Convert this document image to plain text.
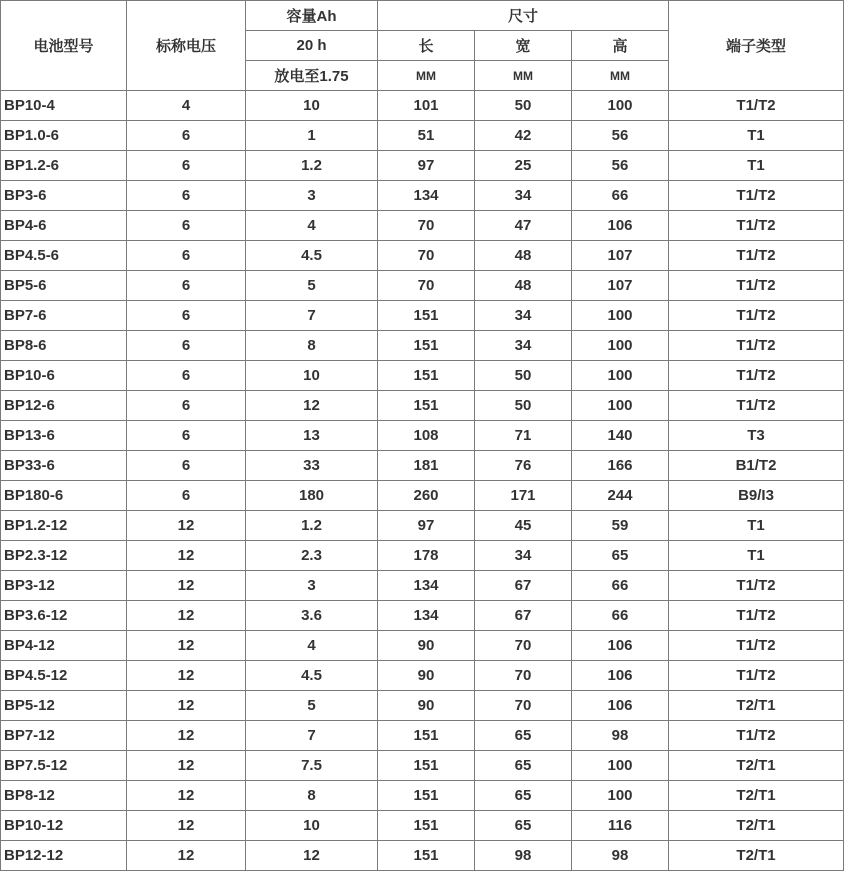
电池型号	标称电压	容量Ah	尺寸			端子类型
		20 h	长	宽	高	
		放电至1.75	MM	MM	MM	
BP10-4	4	10	101	50	100	T1/T2
BP1.0-6	6	1	51	42	56	T1
BP1.2-6	6	1.2	97	25	56	T1
BP3-6	6	3	134	34	66	T1/T2
BP4-6	6	4	70	47	106	T1/T2
BP4.5-6	6	4.5	70	48	107	T1/T2
BP5-6	6	5	70	48	107	T1/T2
BP7-6	6	7	151	34	100	T1/T2
BP8-6	6	8	151	34	100	T1/T2
BP10-6	6	10	151	50	100	T1/T2
BP12-6	6	12	151	50	100	T1/T2
BP13-6	6	13	108	71	140	T3
BP33-6	6	33	181	76	166	B1/T2
BP180-6	6	180	260	171	244	B9/I3
BP1.2-12	12	1.2	97	45	59	T1
BP2.3-12	12	2.3	178	34	65	T1
BP3-12	12	3	134	67	66	T1/T2
BP3.6-12	12	3.6	134	67	66	T1/T2
BP4-12	12	4	90	70	106	T1/T2
BP4.5-12	12	4.5	90	70	106	T1/T2
BP5-12	12	5	90	70	106	T2/T1
BP7-12	12	7	151	65	98	T1/T2
BP7.5-12	12	7.5	151	65	100	T2/T1
BP8-12	12	8	151	65	100	T2/T1
BP10-12	12	10	151	65	116	T2/T1
BP12-12	12	12	151	98	98	T2/T1
